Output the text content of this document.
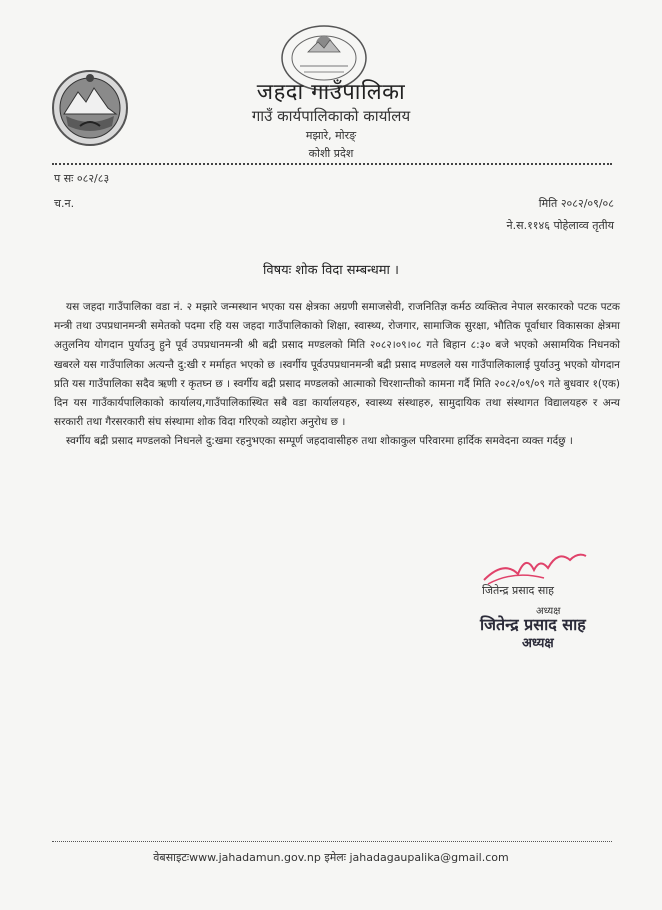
जहदा गाउँपालिका
गाउँ कार्यपालिकाको कार्यालय
मझारे, मोरङ्
कोशी प्रदेश
प सः ०८२/८३
च.न.	मिति २०८२/०९/०८
ने.स.११४६ पोहेलाव्व तृतीय
विषयः शोक विदा सम्बन्धमा ।

यस जहदा गाउँपालिका वडा नं. २ मझारे जन्मस्थान भएका यस क्षेत्रका अग्रणी समाजसेवी, राजनितिज्ञ कर्मठ व्यक्तित्व नेपाल सरकारको पटक पटक मन्त्री तथा उपप्रधानमन्त्री समेतको पदमा रहि यस जहदा गाउँपालिकाको शिक्षा, स्वास्थ्य, रोजगार, सामाजिक सुरक्षा, भौतिक पूर्वाधार विकासका क्षेत्रमा अतुलनिय योगदान पुर्याउनु हुने पूर्व उपप्रधानमन्त्री श्री बद्री प्रसाद मण्डलको मिति २०८२।०९।०८ गते बिहान ८:३० बजे भएको असामयिक निधनको खबरले यस गाउँपालिका अत्यन्तै दु:खी र मर्माहत भएको छ ।स्वर्गीय पूर्वउपप्रधानमन्त्री बद्री प्रसाद मण्डलले यस गाउँपालिकालाई पुर्याउनु भएको योगदान प्रति यस गाउँपालिका सदैव ऋणी र कृतघ्न छ । स्वर्गीय बद्री प्रसाद मण्डलको आत्माको चिरशान्तीको कामना गर्दै मिति २०८२/०९/०९ गते बुधवार १(एक) दिन यस गाउँकार्यपालिकाको कार्यालय,गाउँपालिकास्थित सबै वडा कार्यालयहरु, स्वास्थ्य संस्थाहरु, सामुदायिक तथा संस्थागत विद्यालयहरु र अन्य सरकारी तथा गैरसरकारी संघ संस्थामा शोक विदा गरिएको व्यहोरा अनुरोध छ ।

स्वर्गीय बद्री प्रसाद मण्डलको निधनले दु:खमा रहनुभएका सम्पूर्ण जहदावासीहरु तथा शोकाकुल परिवारमा हार्दिक समवेदना व्यक्त गर्दछु ।

जितेन्द्र प्रसाद साह
अध्यक्ष
जितेन्द्र प्रसाद साह
अध्यक्ष
वेबसाइटःwww.jahadamun.gov.np इमेलः jahadagaupalika@gmail.com
